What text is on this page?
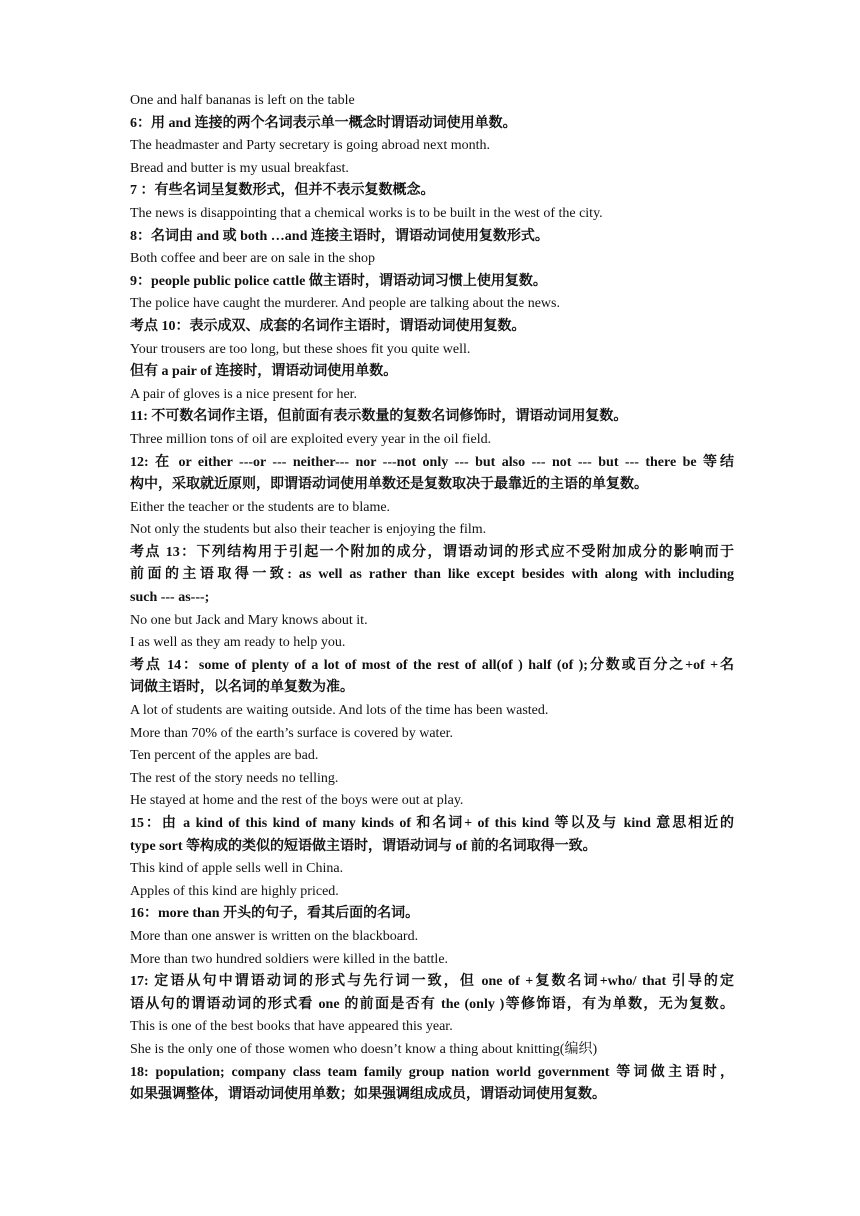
One and half bananas is left on the table
6：用 and 连接的两个名词表示单一概念时谓语动词使用单数。
The headmaster and Party secretary is going abroad next month.
Bread and butter is my usual breakfast.
7 ：有些名词呈复数形式，但并不表示复数概念。
The news is disappointing that a chemical works is to be built in the west of the city.
8：名词由 and 或 both …and 连接主语时，谓语动词使用复数形式。
Both coffee and beer are on sale in the shop
9：people public police cattle 做主语时，谓语动词习惯上使用复数。
The police have caught the murderer. And people are talking about the news.
考点 10：表示成双、成套的名词作主语时，谓语动词使用复数。
Your trousers are too long, but these shoes fit you quite well.
但有 a pair of 连接时，谓语动词使用单数。
A pair of gloves is a nice present for her.
11: 不可数名词作主语，但前面有表示数量的复数名词修饰时，谓语动词用复数。
Three million tons of oil are exploited every year in the oil field.
12: 在 or either ---or --- neither--- nor ---not only --- but also --- not --- but --- there be 等结
构中，采取就近原则，即谓语动词使用单数还是复数取决于最靠近的主语的单复数。
Either the teacher or the students are to blame.
Not only the students but also their teacher is enjoying the film.
考点 13：下列结构用于引起一个附加的成分，谓语动词的形式应不受附加成分的影响而于
前面的主语取得一致: as well as rather than like except besides with along with including
such --- as---;
No one but Jack and Mary knows about it.
I as well as they am ready to help you.
考点 14：some of plenty of a lot of most of the rest of all(of ) half (of );分数或百分之+of +名
词做主语时，以名词的单复数为准。
A lot of students are waiting outside. And lots of the time has been wasted.
More than 70% of the earth’s surface is covered by water.
Ten percent of the apples are bad.
The rest of the story needs no telling.
He stayed at home and the rest of the boys were out at play.
15：由 a kind of this kind of many kinds of 和名词+ of this kind 等以及与 kind 意思相近的
type sort 等构成的类似的短语做主语时，谓语动词与 of 前的名词取得一致。
This kind of apple sells well in China.
Apples of this kind are highly priced.
16：more than 开头的句子，看其后面的名词。
More than one answer is written on the blackboard.
More than two hundred soldiers were killed in the battle.
17: 定语从句中谓语动词的形式与先行词一致，但 one of +复数名词+who/ that 引导的定
语从句的谓语动词的形式看 one 的前面是否有 the (only )等修饰语，有为单数，无为复数。
This is one of the best books that have appeared this year.
She is the only one of those women who doesn’t know a thing about knitting(编织)
18: population; company class team family group nation world government 等词做主语时，
如果强调整体，谓语动词使用单数；如果强调组成成员，谓语动词使用复数。
